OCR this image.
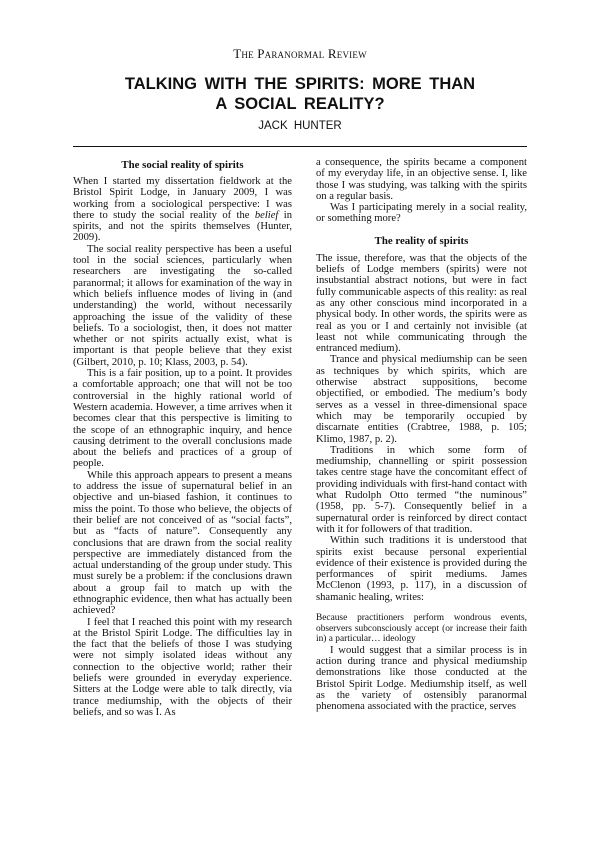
The Paranormal Review
TALKING WITH THE SPIRITS: MORE THAN
A SOCIAL REALITY?
JACK HUNTER
The social reality of spirits

When I started my dissertation fieldwork at the Bristol Spirit Lodge, in January 2009, I was working from a sociological perspective: I was there to study the social reality of the belief in spirits, and not the spirits themselves (Hunter, 2009).

The social reality perspective has been a useful tool in the social sciences, particularly when researchers are investigating the so-called paranormal; it allows for examination of the way in which beliefs influence modes of living in (and understanding) the world, without necessarily approaching the issue of the validity of these beliefs. To a sociologist, then, it does not matter whether or not spirits actually exist, what is important is that people believe that they exist (Gilbert, 2010, p. 10; Klass, 2003, p. 54).

This is a fair position, up to a point. It provides a comfortable approach; one that will not be too controversial in the highly rational world of Western academia. However, a time arrives when it becomes clear that this perspective is limiting to the scope of an ethnographic inquiry, and hence causing detriment to the overall conclusions made about the beliefs and practices of a group of people.

While this approach appears to present a means to address the issue of supernatural belief in an objective and un-biased fashion, it continues to miss the point. To those who believe, the objects of their belief are not conceived of as “social facts”, but as “facts of nature”. Consequently any conclusions that are drawn from the social reality perspective are immediately distanced from the actual understanding of the group under study. This must surely be a problem: if the conclusions drawn about a group fail to match up with the ethnographic evidence, then what has actually been achieved?

I feel that I reached this point with my research at the Bristol Spirit Lodge. The difficulties lay in the fact that the beliefs of those I was studying were not simply isolated ideas without any connection to the objective world; rather their beliefs were grounded in everyday experience. Sitters at the Lodge were able to talk directly, via trance mediumship, with the objects of their beliefs, and so was I. As

a consequence, the spirits became a component of my everyday life, in an objective sense. I, like those I was studying, was talking with the spirits on a regular basis.

Was I participating merely in a social reality, or something more?

The reality of spirits

The issue, therefore, was that the objects of the beliefs of Lodge members (spirits) were not insubstantial abstract notions, but were in fact fully communicable aspects of this reality: as real as any other conscious mind incorporated in a physical body. In other words, the spirits were as real as you or I and certainly not invisible (at least not while communicating through the entranced medium).

Trance and physical mediumship can be seen as techniques by which spirits, which are otherwise abstract suppositions, become objectified, or embodied. The medium’s body serves as a vessel in three-dimensional space which may be temporarily occupied by discarnate entities (Crabtree, 1988, p. 105; Klimo, 1987, p. 2).

Traditions in which some form of mediumship, channelling or spirit possession takes centre stage have the concomitant effect of providing individuals with first-hand contact with what Rudolph Otto termed “the numinous” (1958, pp. 5-7). Consequently belief in a supernatural order is reinforced by direct contact with it for followers of that tradition.

Within such traditions it is understood that spirits exist because personal experiential evidence of their existence is provided during the performances of spirit mediums. James McClenon (1993, p. 117), in a discussion of shamanic healing, writes:

Because practitioners perform wondrous events, observers subconsciously accept (or increase their faith in) a particular… ideology

I would suggest that a similar process is in action during trance and physical mediumship demonstrations like those conducted at the Bristol Spirit Lodge. Mediumship itself, as well as the variety of ostensibly paranormal phenomena associated with the practice, serves
